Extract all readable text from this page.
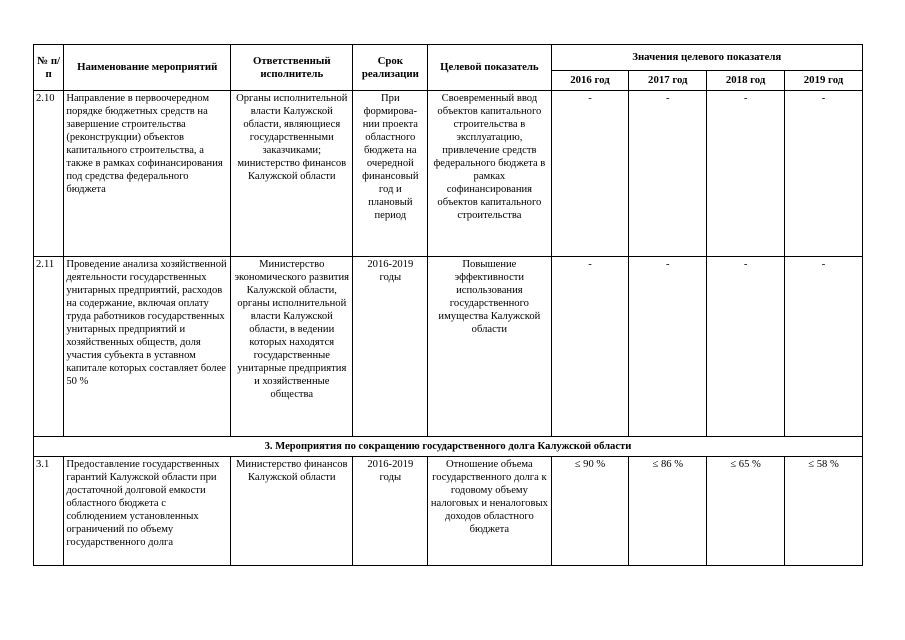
№ п/п	Наименование мероприятий	Ответственный исполнитель	Срок реализации	Целевой показатель	Значения целевого показателя			
					2016 год	2017 год	2018 год	2019 год
2.10	Направление в первоочередном порядке бюджетных средств на завершение строительства (реконструкции) объектов капитального строительства, а также в рамках софинансирования под средства федерального бюджета	Органы исполнительной власти Калужской области, являющиеся государственными заказчиками; министерство финансов Калужской области	При формирова-нии проекта областного бюджета на очередной финансовый год и плановый период	Своевременный ввод объектов капитального строительства в эксплуатацию, привлечение средств федерального бюджета в рамках софинансирования объектов капитального строительства	-	-	-	-
2.11	Проведение анализа хозяйственной деятельности государственных унитарных предприятий, расходов на содержание, включая оплату труда работников государственных унитарных предприятий и хозяйственных обществ, доля участия субъекта в уставном капитале которых составляет более 50 %	Министерство экономического развития Калужской области, органы исполнительной власти Калужской области, в ведении которых находятся государственные унитарные предприятия и хозяйственные общества	2016-2019 годы	Повышение эффективности использования государственного имущества Калужской области	-	-	-	-
3. Мероприятия по сокращению государственного долга Калужской области								
3.1	Предоставление государственных гарантий Калужской области при достаточной долговой емкости областного бюджета с соблюдением установленных ограничений по объему государственного долга	Министерство финансов Калужской области	2016-2019 годы	Отношение объема государственного долга к годовому объему налоговых и неналоговых доходов областного бюджета	≤ 90 %	≤ 86 %	≤ 65 %	≤ 58 %
